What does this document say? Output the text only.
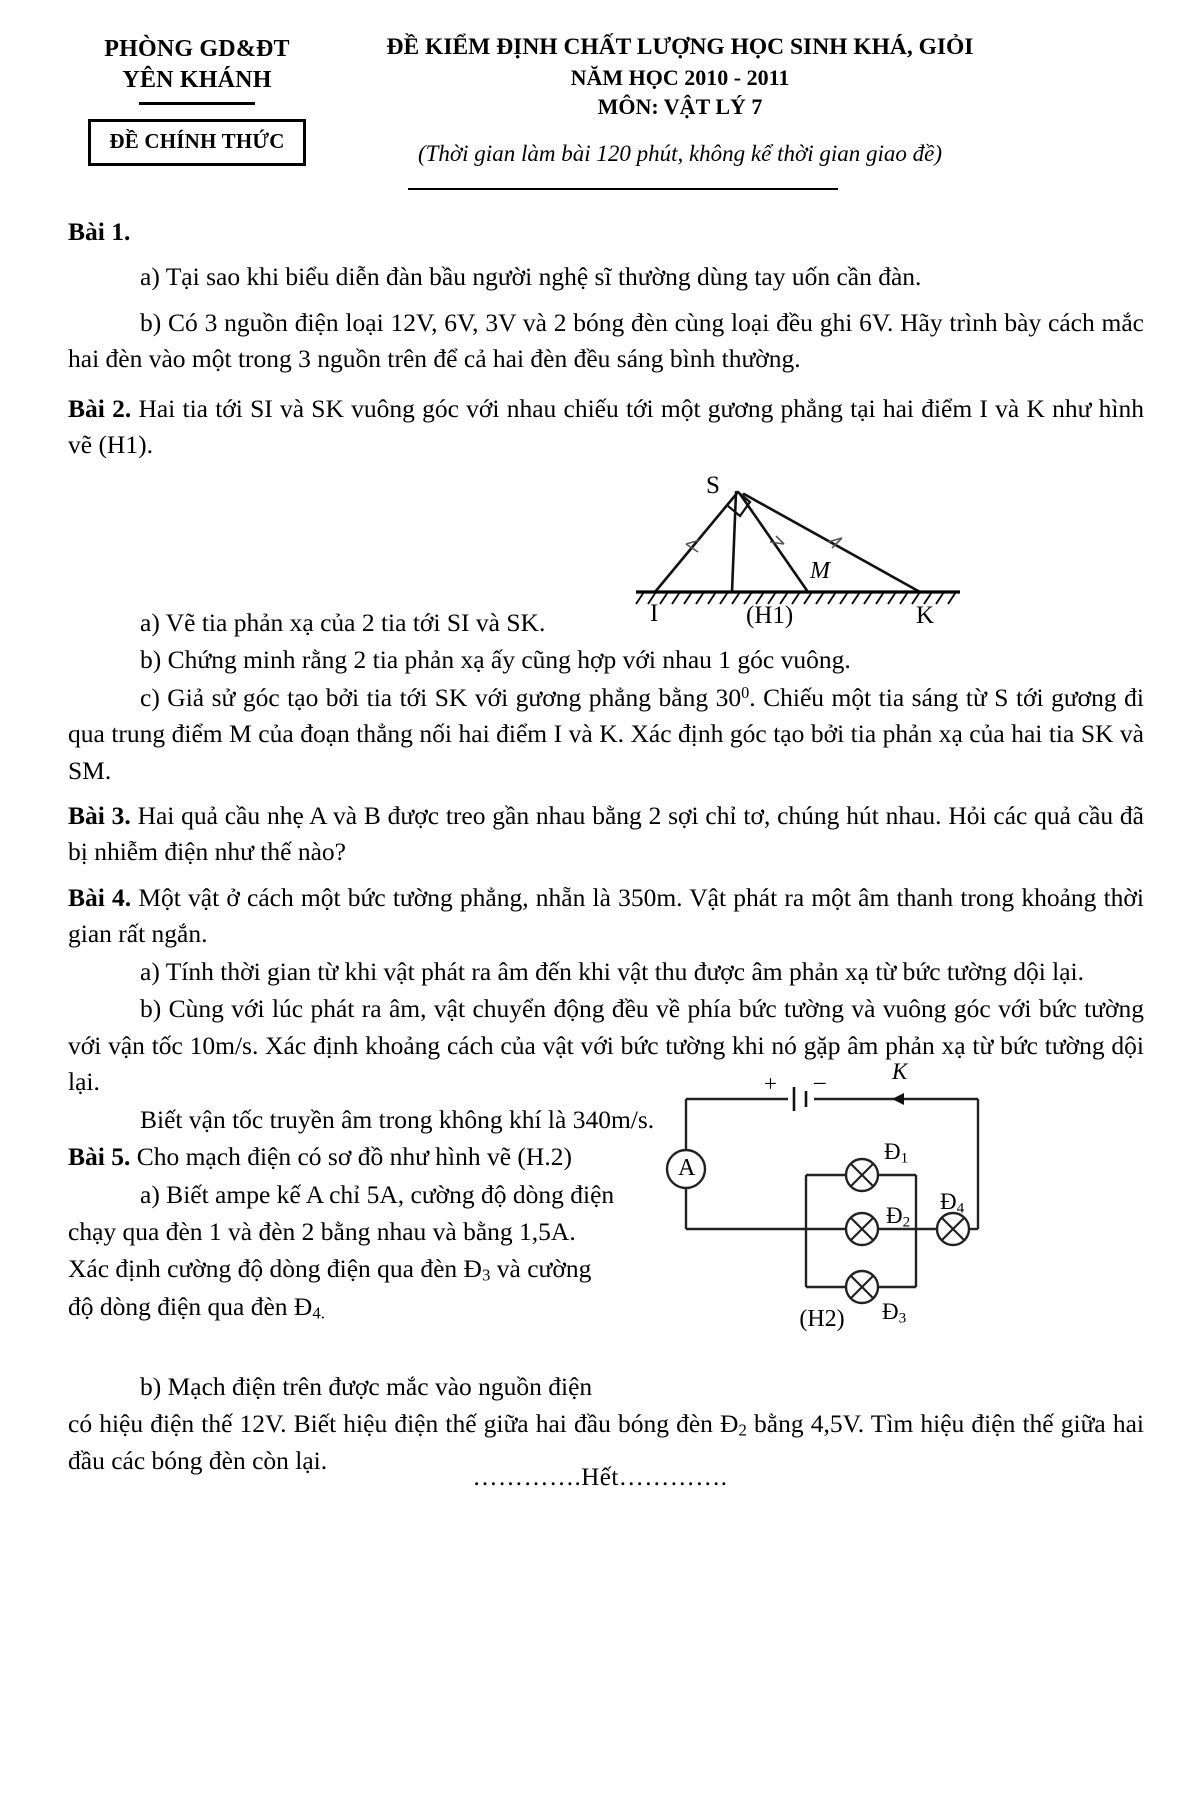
PHÒNG GD&ĐT
YÊN KHÁNH
ĐỀ CHÍNH THỨC
ĐỀ KIỂM ĐỊNH CHẤT LƯỢNG HỌC SINH KHÁ, GIỎI
NĂM HỌC 2010 - 2011
MÔN: VẬT LÝ 7
(Thời gian làm bài 120 phút, không kể thời gian giao đề)
S
M
I	K
(H1)
+ –	K
A
$Đ_1$
$Đ_2$
$Đ_3$
$Đ_4$
(H2)
Bài 1.
a) Tại sao khi biểu diễn đàn bầu người nghệ sĩ thường dùng tay uốn cần đàn.
b) Có 3 nguồn điện loại 12V, 6V, 3V và 2 bóng đèn cùng loại đều ghi 6V. Hãy trình bày cách mắc hai đèn vào một trong 3 nguồn trên để cả hai đèn đều sáng bình thường.
Bài 2. Hai tia tới SI và SK vuông góc với nhau chiếu tới một gương phẳng tại hai điểm I và K như hình vẽ (H1).
a) Vẽ tia phản xạ của 2 tia tới SI và SK.
b) Chứng minh rằng 2 tia phản xạ ấy cũng hợp với nhau 1 góc vuông.
c) Giả sử góc tạo bởi tia tới SK với gương phẳng bằng $30^0$. Chiếu một tia sáng từ S tới gương đi qua trung điểm M của đoạn thẳng nối hai điểm I và K. Xác định góc tạo bởi tia phản xạ của hai tia SK và SM.
Bài 3. Hai quả cầu nhẹ A và B được treo gần nhau bằng 2 sợi chỉ tơ, chúng hút nhau. Hỏi các quả cầu đã bị nhiễm điện như thế nào?
Bài 4. Một vật ở cách một bức tường phẳng, nhẵn là 350m. Vật phát ra một âm thanh trong khoảng thời gian rất ngắn.
a) Tính thời gian từ khi vật phát ra âm đến khi vật thu được âm phản xạ từ bức tường dội lại.
b) Cùng với lúc phát ra âm, vật chuyển động đều về phía bức tường và vuông góc với bức tường với vận tốc 10m/s. Xác định khoảng cách của vật với bức tường khi nó gặp âm phản xạ từ bức tường dội lại.
Biết vận tốc truyền âm trong không khí là 340m/s.
Bài 5. Cho mạch điện có sơ đồ như hình vẽ (H.2)
a) Biết ampe kế A chỉ 5A, cường độ dòng điện
chạy qua đèn 1 và đèn 2 bằng nhau và bằng 1,5A.
Xác định cường độ dòng điện qua đèn $Đ_3$ và cường
độ dòng điện qua đèn $Đ_{4.}$
b) Mạch điện trên được mắc vào nguồn điện
có hiệu điện thế 12V. Biết hiệu điện thế giữa hai đầu bóng đèn $Đ_2$ bằng 4,5V. Tìm hiệu điện thế giữa hai đầu các bóng đèn còn lại.
………….Hết………….
